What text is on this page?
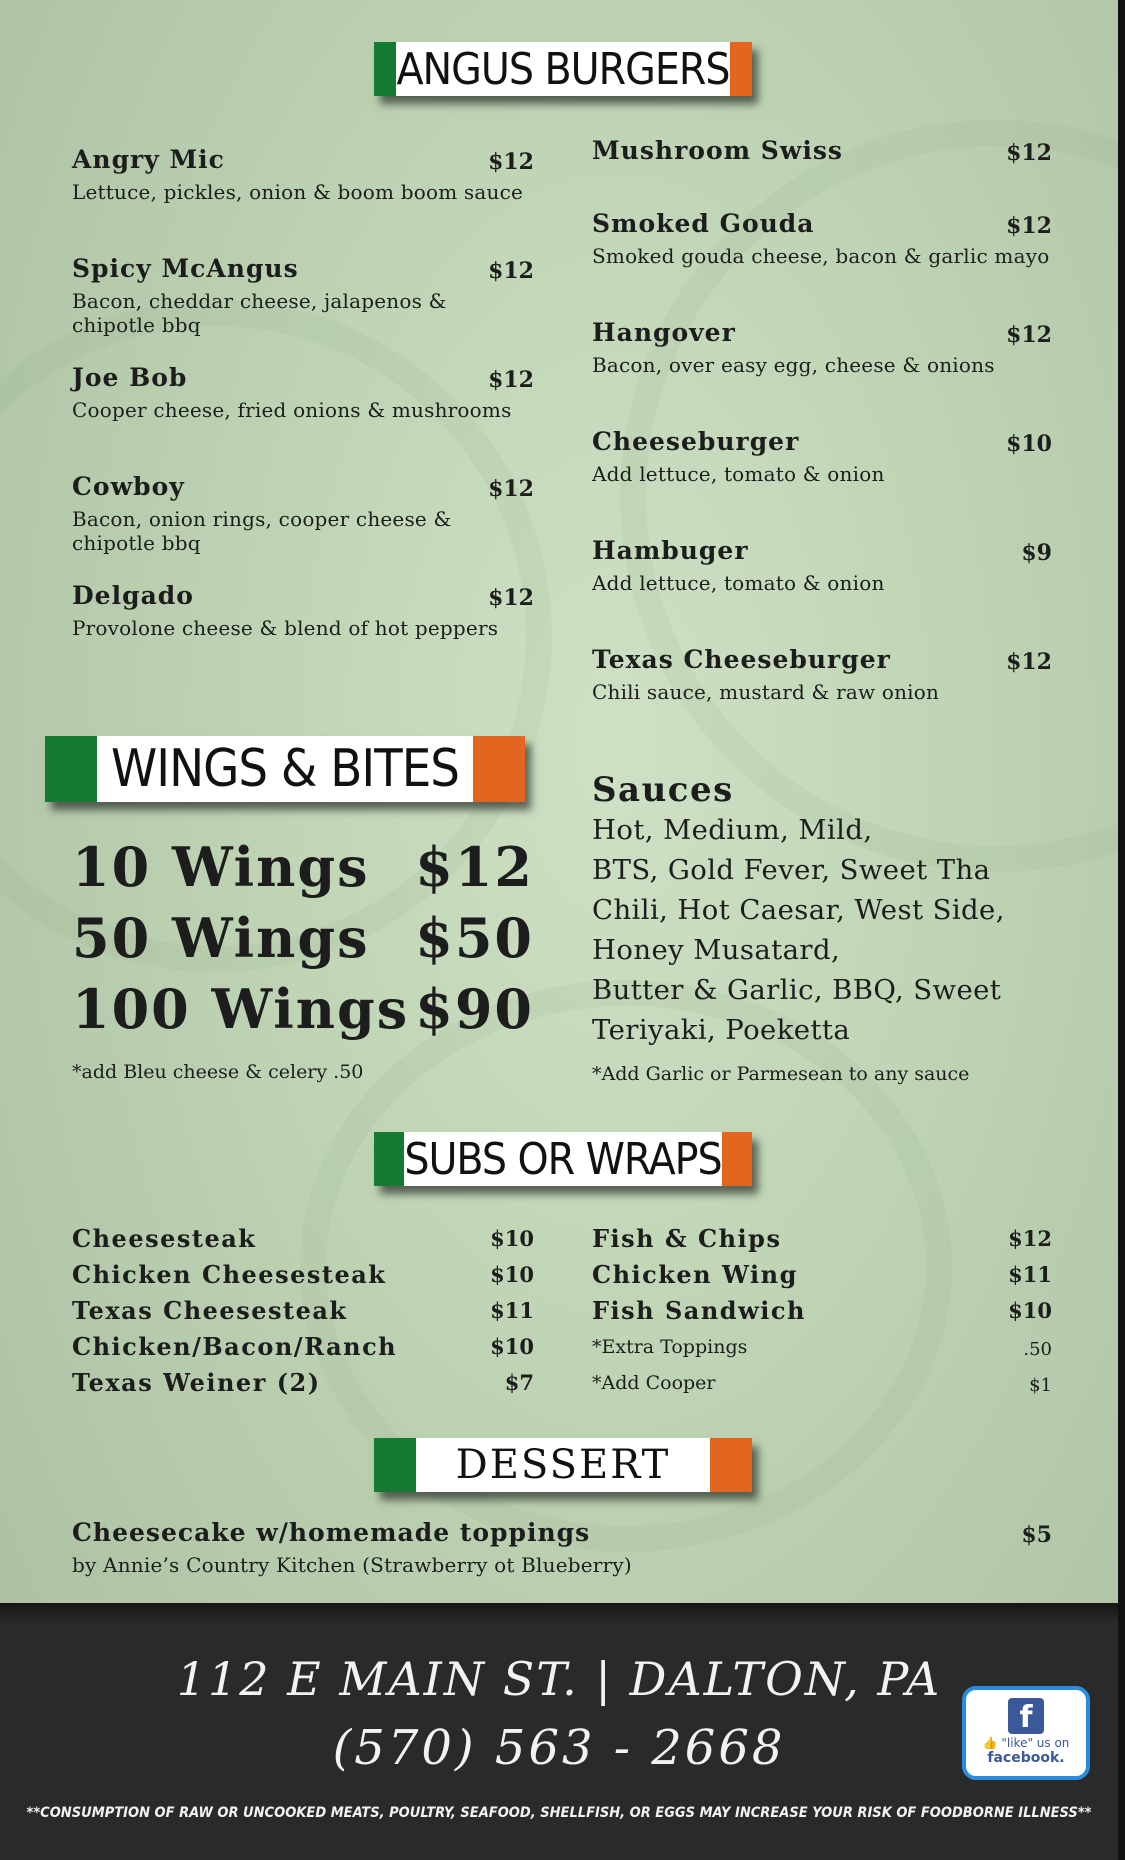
ANGUS BURGERS
Angry Mic	$12
Lettuce, pickles, onion & boom boom sauce
Spicy McAngus	$12
Bacon, cheddar cheese, jalapenos & chipotle bbq
Joe Bob	$12
Cooper cheese, fried onions & mushrooms
Cowboy	$12
Bacon, onion rings, cooper cheese & chipotle bbq
Delgado	$12
Provolone cheese & blend of hot peppers
Mushroom Swiss	$12
Smoked Gouda	$12
Smoked gouda cheese, bacon & garlic mayo
Hangover	$12
Bacon, over easy egg, cheese & onions
Cheeseburger	$10
Add lettuce, tomato & onion
Hambuger	$9
Add lettuce, tomato & onion
Texas Cheeseburger	$12
Chili sauce, mustard & raw onion
WINGS & BITES
10 Wings $12
50 Wings $50
100 Wings $90
*add Bleu cheese & celery .50
Sauces
Hot, Medium, Mild,
BTS, Gold Fever, Sweet Tha
Chili, Hot Caesar, West Side,
Honey Musatard,
Butter & Garlic, BBQ, Sweet
Teriyaki, Poeketta
*Add Garlic or Parmesean to any sauce
SUBS OR WRAPS
Cheesesteak	$10
Chicken Cheesesteak	$10
Texas Cheesesteak	$11
Chicken/Bacon/Ranch	$10
Texas Weiner (2)	$7
Fish & Chips	$12
Chicken Wing	$11
Fish Sandwich	$10
*Extra Toppings	.50
*Add Cooper	$1
DESSERT
Cheesecake w/homemade toppings	$5
by Annie’s Country Kitchen (Strawberry ot Blueberry)
112 E MAIN ST. | DALTON, PA
(570) 563 - 2668
f
👍 "like" us on
facebook.
**CONSUMPTION OF RAW OR UNCOOKED MEATS, POULTRY, SEAFOOD, SHELLFISH, OR EGGS MAY INCREASE YOUR RISK OF FOODBORNE ILLNESS**
